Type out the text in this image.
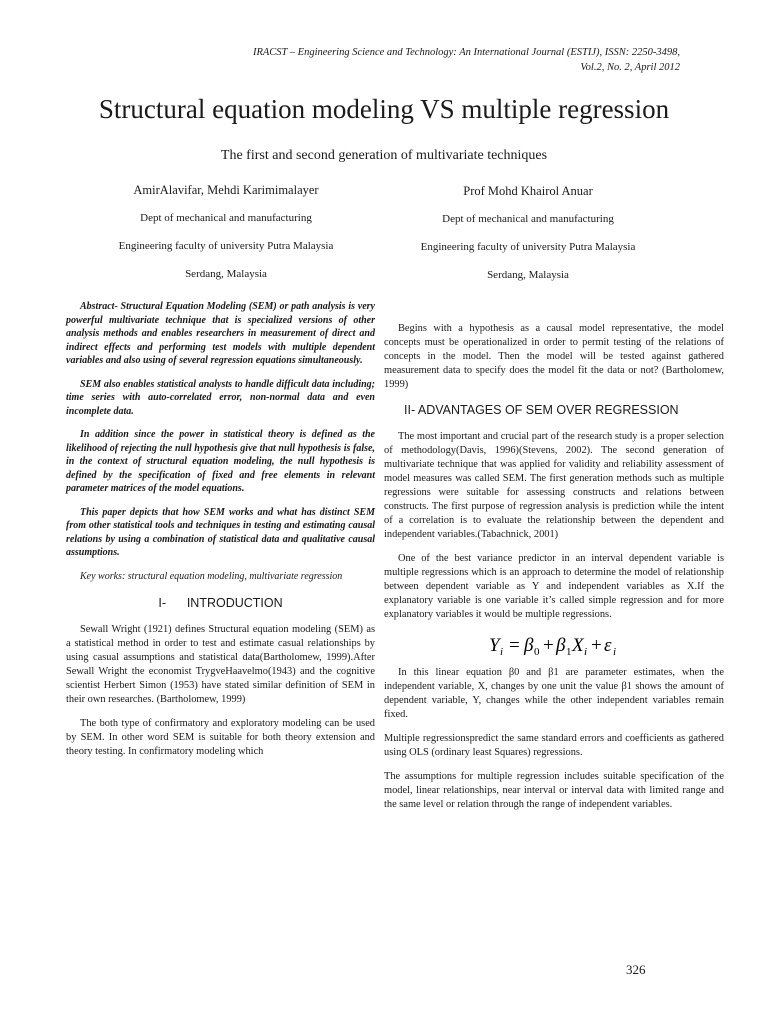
IRACST – Engineering Science and Technology: An International Journal (ESTIJ), ISSN: 2250-3498,
Vol.2, No. 2, April 2012
Structural equation modeling VS multiple regression
The first and second generation of multivariate techniques
AmirAlavifar, Mehdi Karimimalayer
Dept of mechanical and manufacturing
Engineering faculty of university Putra Malaysia
Serdang, Malaysia
Prof Mohd Khairol Anuar
Dept of mechanical and manufacturing
Engineering faculty of university Putra Malaysia
Serdang, Malaysia

Abstract- Structural Equation Modeling (SEM) or path analysis is very powerful multivariate technique that is specialized versions of other analysis methods and enables researchers in measurement of direct and indirect effects and performing test models with multiple dependent variables and also using of several regression equations simultaneously.

SEM also enables statistical analysts to handle difficult data including; time series with auto-correlated error, non-normal data and even incomplete data.

In addition since the power in statistical theory is defined as the likelihood of rejecting the null hypothesis give that null hypothesis is false, in the context of structural equation modeling, the null hypothesis is defined by the specification of fixed and free elements in relevant parameter matrices of the model equations.

This paper depicts that how SEM works and what has distinct SEM from other statistical tools and techniques in testing and estimating causal relations by using a combination of statistical data and qualitative causal assumptions.

Key works: structural equation modeling, multivariate regression

I-      INTRODUCTION

Sewall Wright (1921) defines Structural equation modeling (SEM) as a statistical method in order to test and estimate casual relationships by using casual assumptions and statistical data(Bartholomew, 1999).After Sewall Wright the economist TrygveHaavelmo(1943) and the cognitive scientist Herbert Simon (1953) have stated similar definition of SEM in their own researches. (Bartholomew, 1999)

The both type of confirmatory and exploratory modeling can be used by SEM. In other word SEM is suitable for both theory extension and theory testing. In confirmatory modeling which

Begins with a hypothesis as a causal model representative, the model concepts must be operationalized in order to permit testing of the relations of concepts in the model. Then the model will be tested against gathered measurement data to specify does the model fit the data or not? (Bartholomew, 1999)

II- ADVANTAGES OF SEM OVER REGRESSION

The most important and crucial part of the research study is a proper selection of methodology(Davis, 1996)(Stevens, 2002). The second generation of multivariate technique that was applied for validity and reliability assessment of model measures was called SEM. The first generation methods such as multiple regressions were suitable for assessing constructs and relations between constructs. The first purpose of regression analysis is prediction while the intent of a correlation is to evaluate the relationship between the dependent and independent variables.(Tabachnick, 2001)

One of the best variance predictor in an interval dependent variable is multiple regressions which is an approach to determine the model of relationship between dependent variable as Y and independent variables as X.If the explanatory variable is one variable it’s called simple regression and for more explanatory variables it would be multiple regressions.

Y i = β 0 + β 1 X i + ε i

In this linear equation β0 and β1 are parameter estimates, when the independent variable, X, changes by one unit the value β1 shows the amount of dependent variable, Y, changes while the other independent variables remain fixed.

Multiple regressionspredict the same standard errors and coefficients as gathered using OLS (ordinary least Squares) regressions.

The assumptions for multiple regression includes suitable specification of the model, linear relationships, near interval or interval data with limited range and the same level or relation through the range of independent variables.

326
